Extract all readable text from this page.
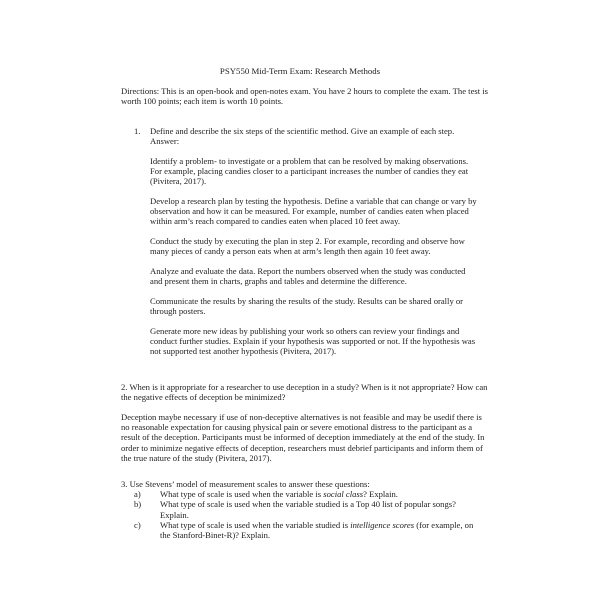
PSY550 Mid-Term Exam: Research Methods
Directions: This is an open-book and open-notes exam. You have 2 hours to complete the exam. The test is worth 100 points; each item is worth 10 points.
1. Define and describe the six steps of the scientific method. Give an example of each step.

Answer:

Identify a problem- to investigate or a problem that can be resolved by making observations. For example, placing candies closer to a participant increases the number of candies they eat (Pivitera, 2017).

Develop a research plan by testing the hypothesis. Define a variable that can change or vary by observation and how it can be measured. For example, number of candies eaten when placed within arm’s reach compared to candies eaten when placed 10 feet away.

Conduct the study by executing the plan in step 2. For example, recording and observe how many pieces of candy a person eats when at arm’s length then again 10 feet away.

Analyze and evaluate the data. Report the numbers observed when the study was conducted and present them in charts, graphs and tables and determine the difference.

Communicate the results by sharing the results of the study. Results can be shared orally or through posters.

Generate more new ideas by publishing your work so others can review your findings and conduct further studies. Explain if your hypothesis was supported or not. If the hypothesis was not supported test another hypothesis (Pivitera, 2017).

2. When is it appropriate for a researcher to use deception in a study? When is it not appropriate? How can the negative effects of deception be minimized?

Deception maybe necessary if use of non-deceptive alternatives is not feasible and may be usedif there is no reasonable expectation for causing physical pain or severe emotional distress to the participant as a result of the deception. Participants must be informed of deception immediately at the end of the study. In order to minimize negative effects of deception, researchers must debrief participants and inform them of the true nature of the study (Pivitera, 2017).

3. Use Stevens’ model of measurement scales to answer these questions:

a) What type of scale is used when the variable is social class? Explain.
b) What type of scale is used when the variable studied is a Top 40 list of popular songs? Explain.
c) What type of scale is used when the variable studied is intelligence scores (for example, on the Stanford-Binet-R)? Explain.
